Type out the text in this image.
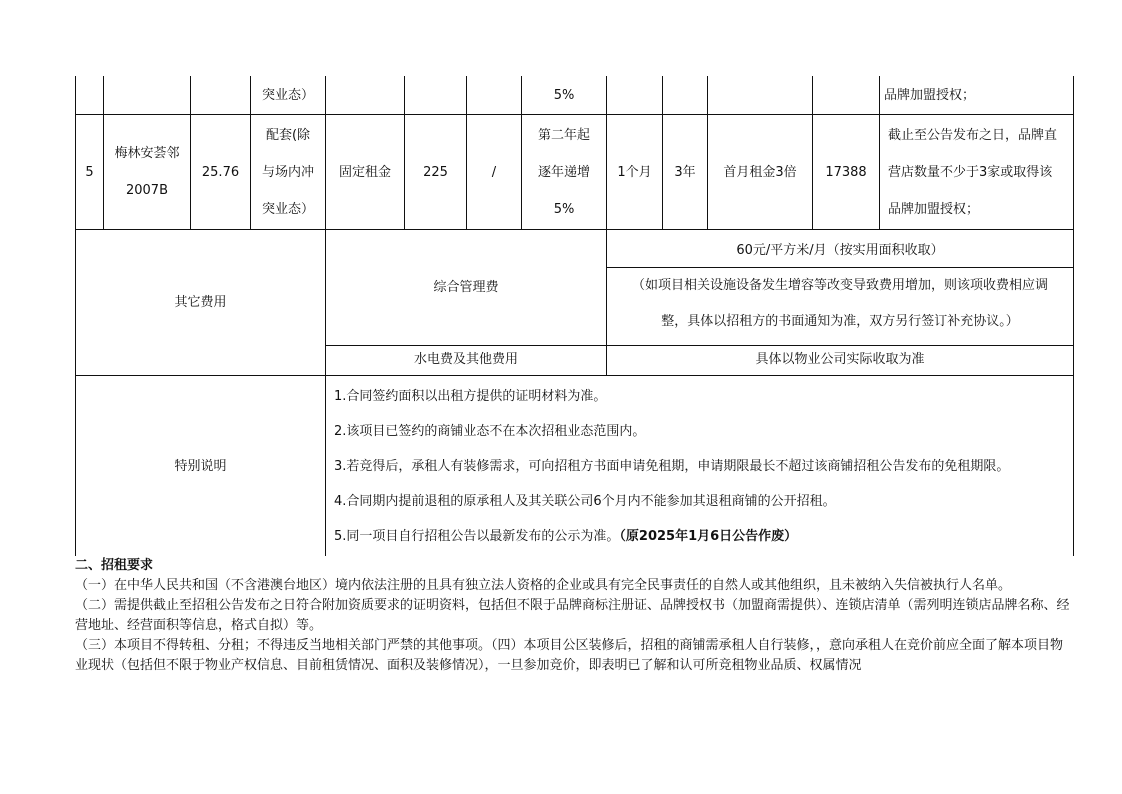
			突业态）				5%					品牌加盟授权；
5	梅林安荟邻
2007B	25.76	配套(除
与场内冲
突业态）	固定租金	225	/	第二年起
逐年递增
5%	1个月	3年	首月租金3倍	17388	截止至公告发布之日，品牌直
营店数量不少于3家或取得该
品牌加盟授权；

其它费用				综合管理费				60元/平方米/月（按实用面积收取）
（如项目相关设施设备发生增容等改变导致费用增加，则该项收费相应调
整，具体以招租方的书面通知为准，双方另行签订补充协议。）				

				水电费及其他费用				具体以物业公司实际收取为准				
特别说明				1.合同签约面积以出租方提供的证明材料为准。
2.该项目已签约的商铺业态不在本次招租业态范围内。
3.若竞得后，承租人有装修需求，可向招租方书面申请免租期，申请期限最长不超过该商铺招租公告发布的免租期限。
4.合同期内提前退租的原承租人及其关联公司6个月内不能参加其退租商铺的公开招租。
5.同一项目自行招租公告以最新发布的公示为准。（原2025年1月6日公告作废）								
二、招租要求

（一）在中华人民共和国（不含港澳台地区）境内依法注册的且具有独立法人资格的企业或具有完全民事责任的自然人或其他组织，且未被纳入失信被执行人名单。

（二）需提供截止至招租公告发布之日符合附加资质要求的证明资料，包括但不限于品牌商标注册证、品牌授权书（加盟商需提供）、连锁店清单（需列明连锁店品牌名称、经营地址、经营面积等信息，格式自拟）等。

（三）本项目不得转租、分租；不得违反当地相关部门严禁的其他事项。（四）本项目公区装修后，招租的商铺需承租人自行装修，，意向承租人在竞价前应全面了解本项目物业现状（包括但不限于物业产权信息、目前租赁情况、面积及装修情况），一旦参加竞价，即表明已了解和认可所竞租物业品质、权属情况
